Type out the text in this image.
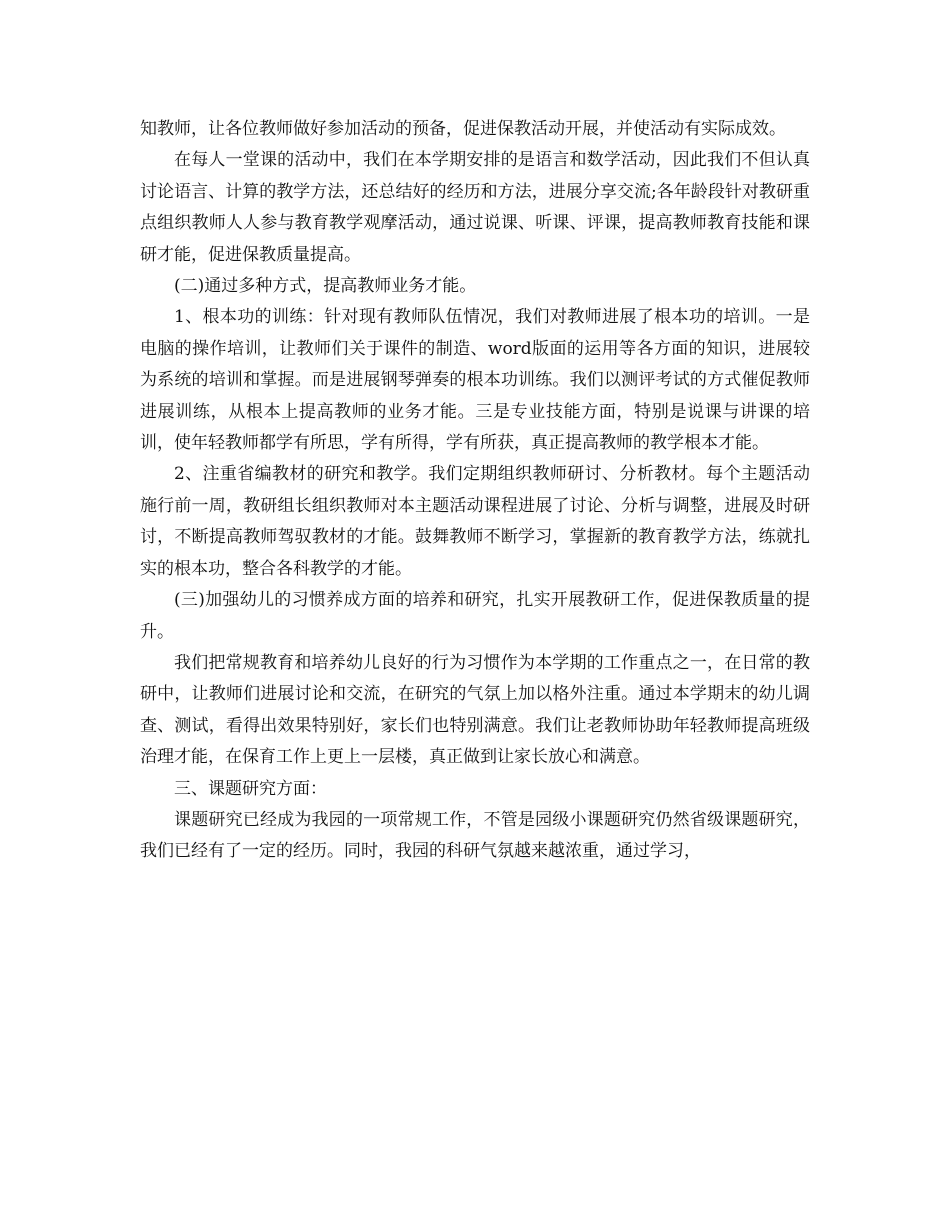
知教师，让各位教师做好参加活动的预备，促进保教活动开展，并使活动有实际成效。

在每人一堂课的活动中，我们在本学期安排的是语言和数学活动，因此我们不但认真讨论语言、计算的教学方法，还总结好的经历和方法，进展分享交流;各年龄段针对教研重点组织教师人人参与教育教学观摩活动，通过说课、听课、评课，提高教师教育技能和课研才能，促进保教质量提高。

(二)通过多种方式，提高教师业务才能。

1、根本功的训练：针对现有教师队伍情况，我们对教师进展了根本功的培训。一是电脑的操作培训，让教师们关于课件的制造、word版面的运用等各方面的知识，进展较为系统的培训和掌握。而是进展钢琴弹奏的根本功训练。我们以测评考试的方式催促教师进展训练，从根本上提高教师的业务才能。三是专业技能方面，特别是说课与讲课的培训，使年轻教师都学有所思，学有所得，学有所获，真正提高教师的教学根本才能。

2、注重省编教材的研究和教学。我们定期组织教师研讨、分析教材。每个主题活动施行前一周，教研组长组织教师对本主题活动课程进展了讨论、分析与调整，进展及时研讨，不断提高教师驾驭教材的才能。鼓舞教师不断学习，掌握新的教育教学方法，练就扎实的根本功，整合各科教学的才能。

(三)加强幼儿的习惯养成方面的培养和研究，扎实开展教研工作，促进保教质量的提升。

我们把常规教育和培养幼儿良好的行为习惯作为本学期的工作重点之一，在日常的教研中，让教师们进展讨论和交流，在研究的气氛上加以格外注重。通过本学期末的幼儿调查、测试，看得出效果特别好，家长们也特别满意。我们让老教师协助年轻教师提高班级治理才能，在保育工作上更上一层楼，真正做到让家长放心和满意。

三、课题研究方面：

课题研究已经成为我园的一项常规工作，不管是园级小课题研究仍然省级课题研究，我们已经有了一定的经历。同时，我园的科研气氛越来越浓重，通过学习，
